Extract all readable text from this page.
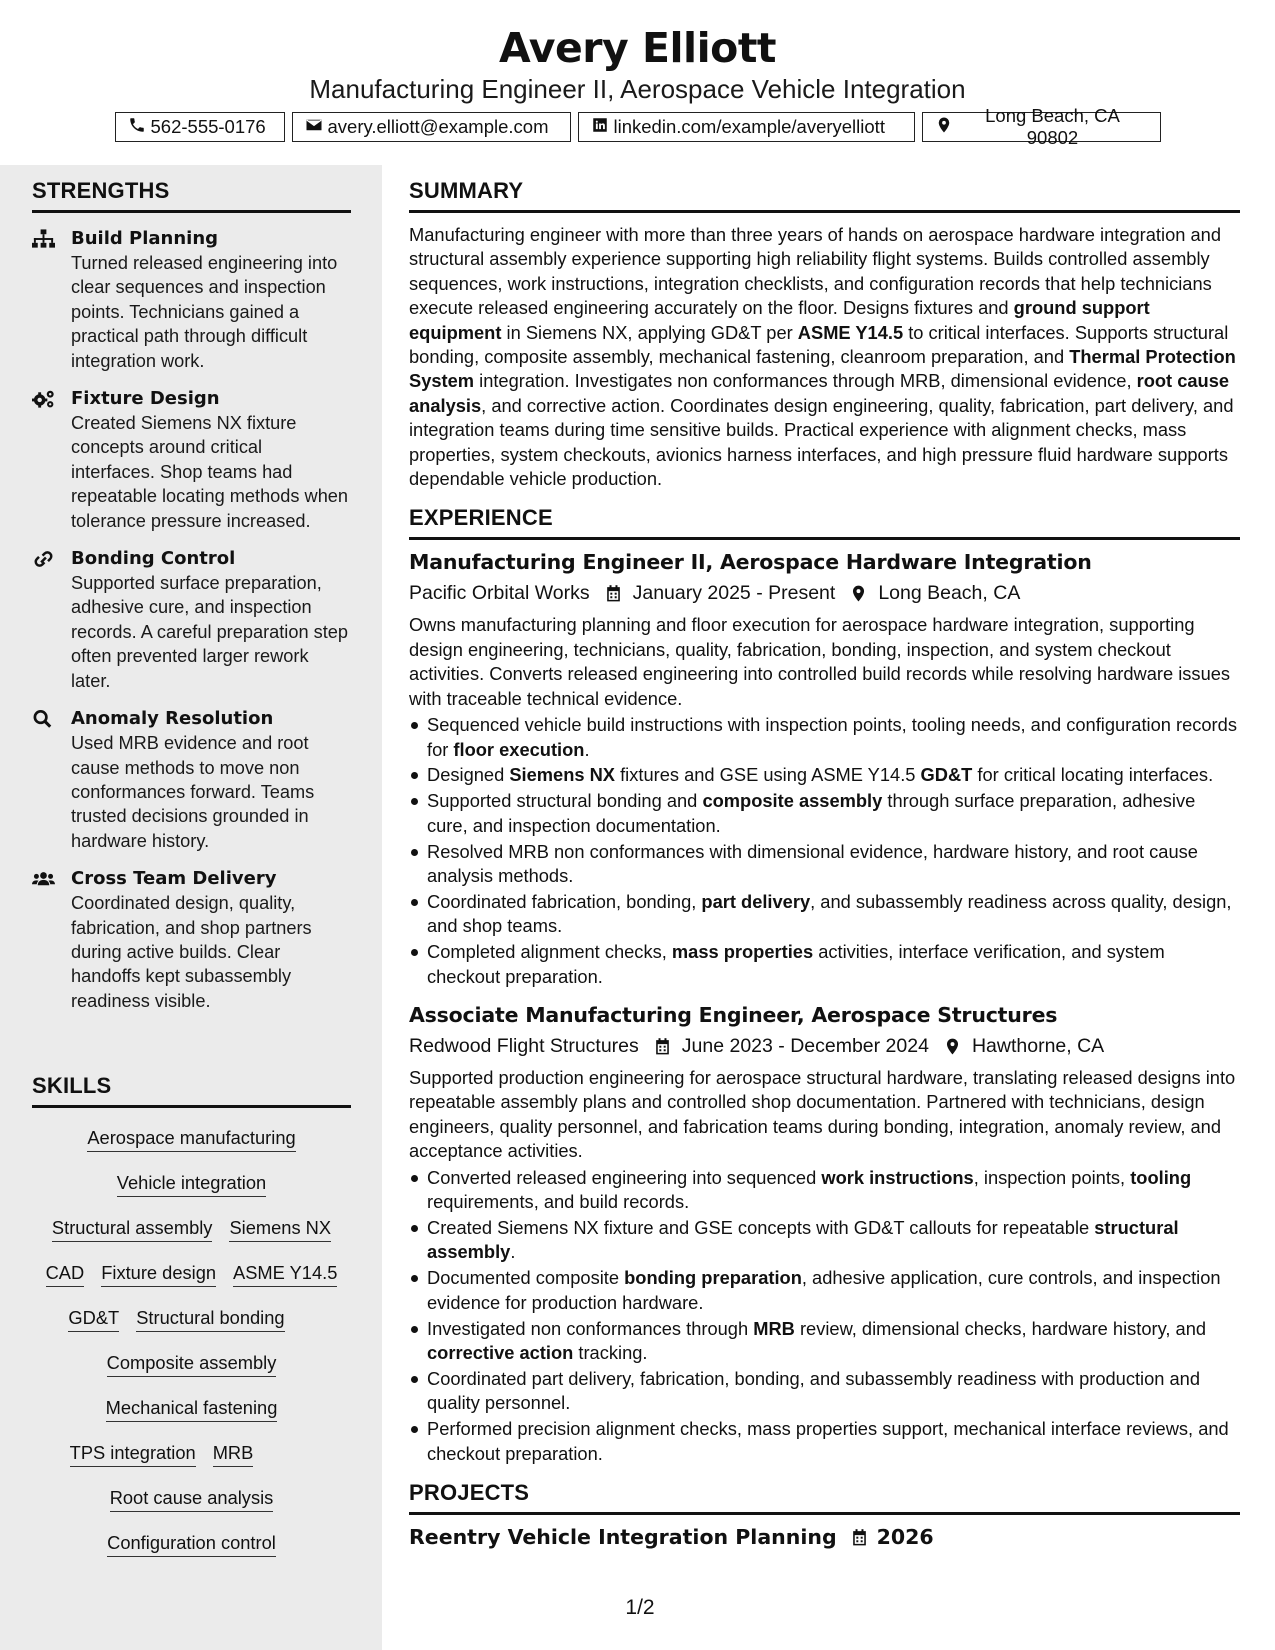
Avery Elliott
Manufacturing Engineer II, Aerospace Vehicle Integration
562-555-0176	avery.elliott@example.com	linkedin.com/example/averyelliott
Long Beach, CA 90802
STRENGTHS
Build Planning
Turned released engineering into clear sequences and inspection points. Technicians gained a practical path through difficult integration work.
Fixture Design
Created Siemens NX fixture concepts around critical interfaces. Shop teams had repeatable locating methods when tolerance pressure increased.
Bonding Control
Supported surface preparation, adhesive cure, and inspection records. A careful preparation step often prevented larger rework later.
Anomaly Resolution
Used MRB evidence and root cause methods to move non conformances forward. Teams trusted decisions grounded in hardware history.
Cross Team Delivery
Coordinated design, quality, fabrication, and shop partners during active builds. Clear handoffs kept subassembly readiness visible.
SKILLS
Aerospace manufacturing
Vehicle integration
Structural assembly Siemens NX
CAD Fixture design ASME Y14.5
GD&T Structural bonding
Composite assembly
Mechanical fastening
TPS integration MRB
Root cause analysis
Configuration control
SUMMARY

Manufacturing engineer with more than three years of hands on aerospace hardware integration and structural assembly experience supporting high reliability flight systems. Builds controlled assembly sequences, work instructions, integration checklists, and configuration records that help technicians execute released engineering accurately on the floor. Designs fixtures and ground support equipment in Siemens NX, applying GD&T per ASME Y14.5 to critical interfaces. Supports structural bonding, composite assembly, mechanical fastening, cleanroom preparation, and Thermal Protection System integration. Investigates non conformances through MRB, dimensional evidence, root cause analysis, and corrective action. Coordinates design engineering, quality, fabrication, part delivery, and integration teams during time sensitive builds. Practical experience with alignment checks, mass properties, system checkouts, avionics harness interfaces, and high pressure fluid hardware supports dependable vehicle production.

EXPERIENCE
Manufacturing Engineer II, Aerospace Hardware Integration
Pacific Orbital Works January 2025 - Present Long Beach, CA

Owns manufacturing planning and floor execution for aerospace hardware integration, supporting design engineering, technicians, quality, fabrication, bonding, inspection, and system checkout activities. Converts released engineering into controlled build records while resolving hardware issues with traceable technical evidence.

Sequenced vehicle build instructions with inspection points, tooling needs, and configuration records for floor execution.
Designed Siemens NX fixtures and GSE using ASME Y14.5 GD&T for critical locating interfaces.
Supported structural bonding and composite assembly through surface preparation, adhesive cure, and inspection documentation.
Resolved MRB non conformances with dimensional evidence, hardware history, and root cause analysis methods.
Coordinated fabrication, bonding, part delivery, and subassembly readiness across quality, design, and shop teams.
Completed alignment checks, mass properties activities, interface verification, and system checkout preparation.
Associate Manufacturing Engineer, Aerospace Structures
Redwood Flight Structures June 2023 - December 2024 Hawthorne, CA

Supported production engineering for aerospace structural hardware, translating released designs into repeatable assembly plans and controlled shop documentation. Partnered with technicians, design engineers, quality personnel, and fabrication teams during bonding, integration, anomaly review, and acceptance activities.

Converted released engineering into sequenced work instructions, inspection points, tooling requirements, and build records.
Created Siemens NX fixture and GSE concepts with GD&T callouts for repeatable structural assembly.
Documented composite bonding preparation, adhesive application, cure controls, and inspection evidence for production hardware.
Investigated non conformances through MRB review, dimensional checks, hardware history, and corrective action tracking.
Coordinated part delivery, fabrication, bonding, and subassembly readiness with production and quality personnel.
Performed precision alignment checks, mass properties support, mechanical interface reviews, and checkout preparation.
PROJECTS
Reentry Vehicle Integration Planning 2026
1/2
